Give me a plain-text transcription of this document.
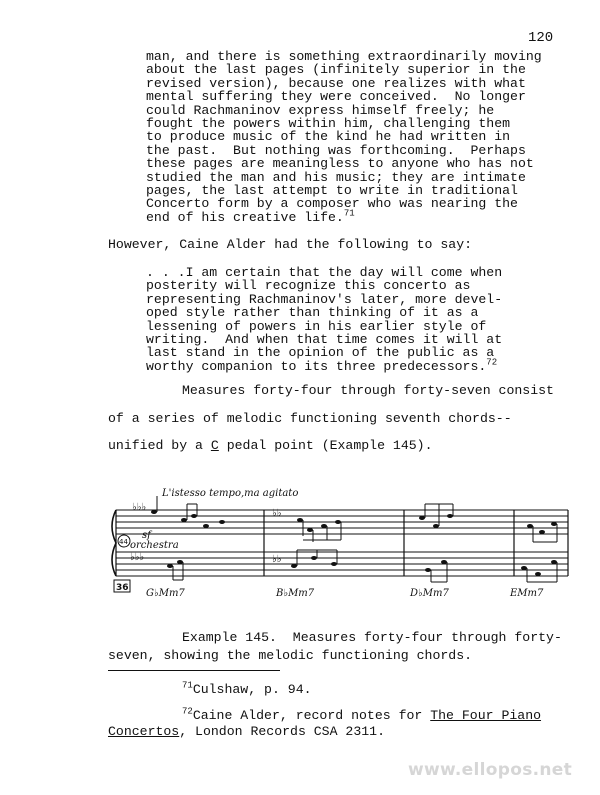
120
man, and there is something extraordinarily moving
about the last pages (infinitely superior in the
revised version), because one realizes with what
mental suffering they were conceived.  No longer
could Rachmaninov express himself freely; he
fought the powers within him, challenging them
to produce music of the kind he had written in
the past.  But nothing was forthcoming.  Perhaps
these pages are meaningless to anyone who has not
studied the man and his music; they are intimate
pages, the last attempt to write in traditional
Concerto form by a composer who was nearing the
end of his creative life.$^{71}$
However, Caine Alder had the following to say:
. . .I am certain that the day will come when
posterity will recognize this concerto as
representing Rachmaninov's later, more devel-
oped style rather than thinking of it as a
lessening of powers in his earlier style of
writing.  And when that time comes it will at
last stand in the opinion of the public as a
worthy companion to its three predecessors.$^{72}$
Measures forty-four through forty-seven consist
of a series of melodic functioning seventh chords--
unified by a C pedal point (Example 145).
♭♭♭
♭♭♭
♭♭
♭♭
L'istesso tempo,ma agitato
sf
orchestra
44
36 G♭Mm7	B♭Mm7	D♭Mm7	EMm7
Example 145.  Measures forty-four through forty-
seven, showing the melodic functioning chords.
$^{71}$Culshaw, p. 94.
$^{72}$Caine Alder, record notes for The Four Piano
Concertos, London Records CSA 2311.
www.ellopos.net
